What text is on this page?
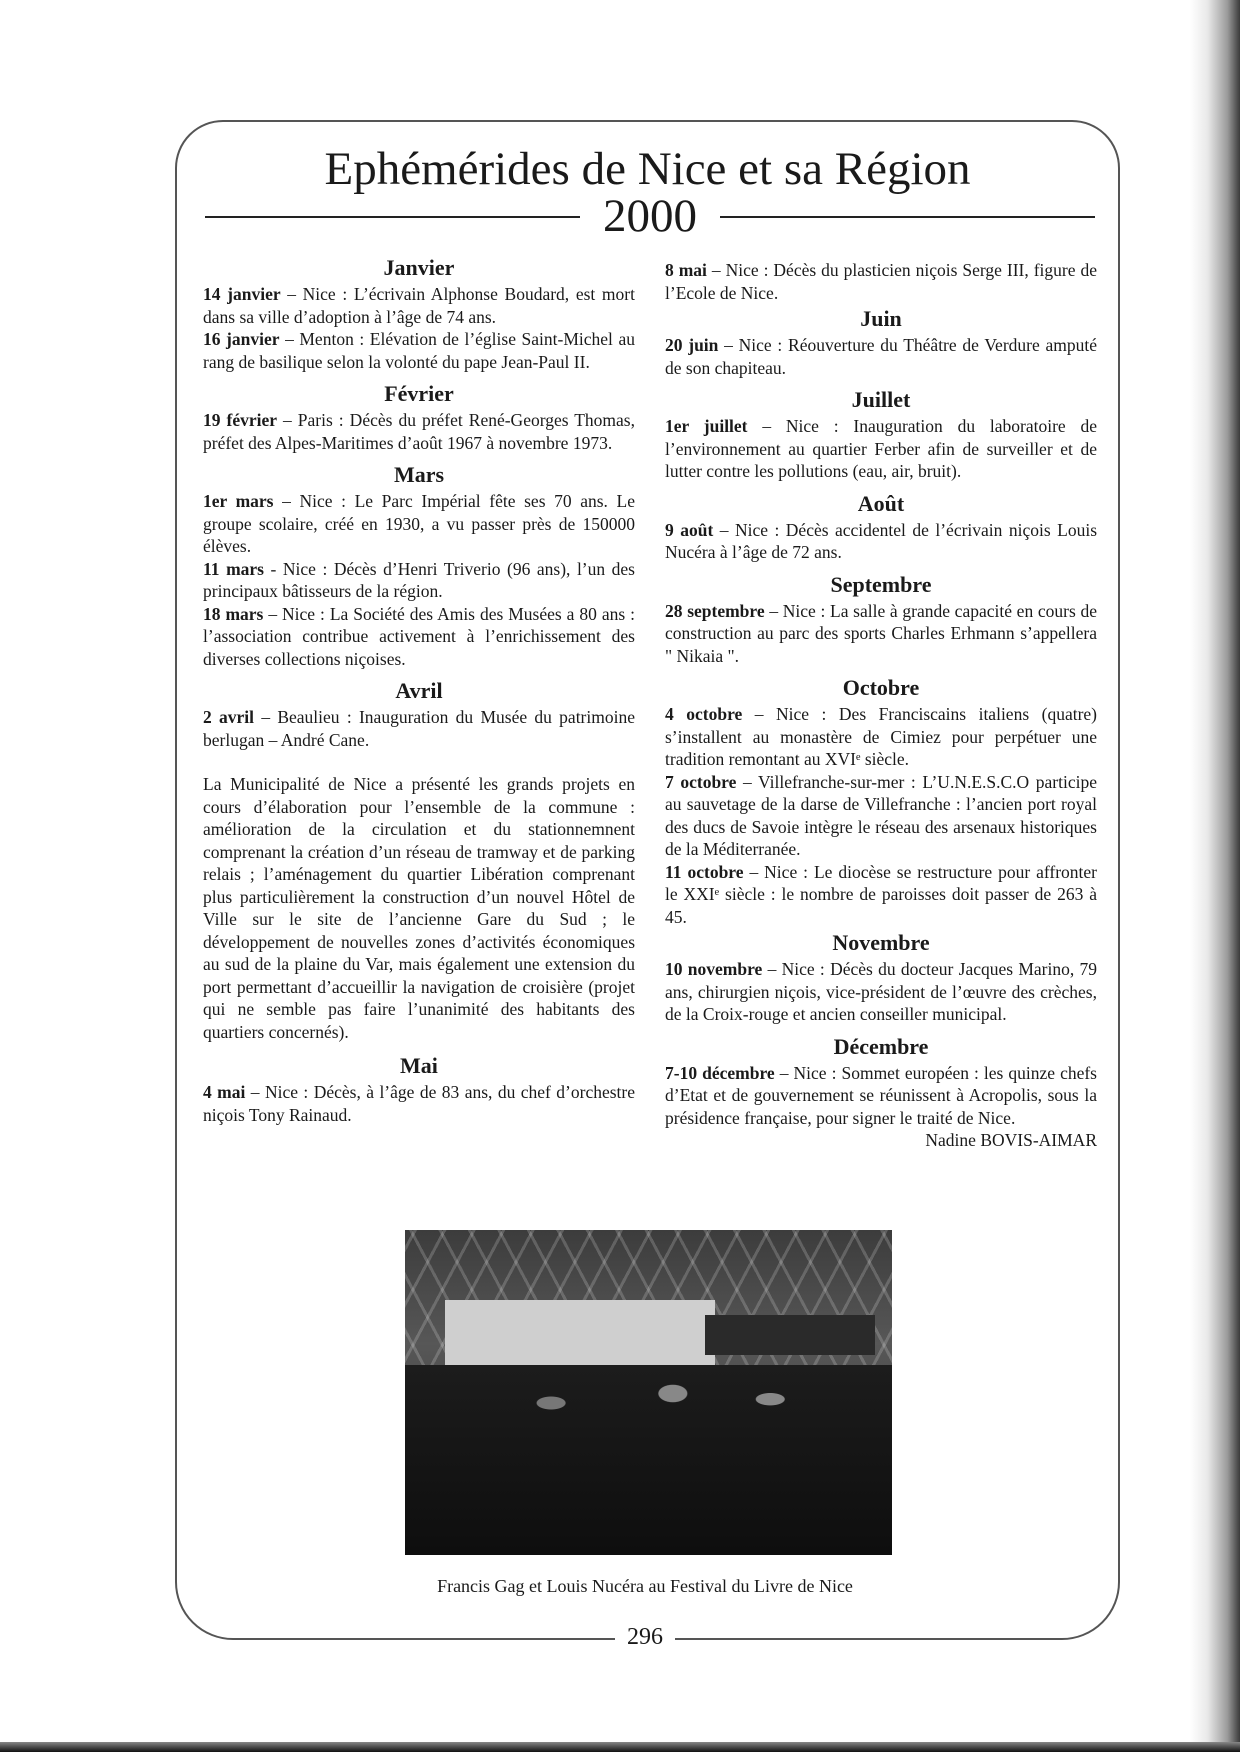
296
Ephémérides de Nice et sa Région
2000
Janvier

14 janvier – Nice : L’écrivain Alphonse Boudard, est mort dans sa ville d’adoption à l’âge de 74 ans.

16 janvier – Menton : Elévation de l’église Saint-Michel au rang de basilique selon la volonté du pape Jean-Paul II.

Février

19 février – Paris : Décès du préfet René-Georges Thomas, préfet des Alpes-Maritimes d’août 1967 à novembre 1973.

Mars

1er mars – Nice : Le Parc Impérial fête ses 70 ans. Le groupe scolaire, créé en 1930, a vu passer près de 150000 élèves.

11 mars - Nice : Décès d’Henri Triverio (96 ans), l’un des principaux bâtisseurs de la région.

18 mars – Nice : La Société des Amis des Musées a 80 ans : l’association contribue activement à l’enrichissement des diverses collections niçoises.

Avril

2 avril – Beaulieu : Inauguration du Musée du patrimoine berlugan – André Cane.

La Municipalité de Nice a présenté les grands projets en cours d’élaboration pour l’ensemble de la commune : amélioration de la circulation et du stationnemnent comprenant la création d’un réseau de tramway et de parking relais ; l’aménagement du quartier Libération comprenant plus particulièrement la construction d’un nouvel Hôtel de Ville sur le site de l’ancienne Gare du Sud ; le développement de nouvelles zones d’activités économiques au sud de la plaine du Var, mais également une extension du port permettant d’accueillir la navigation de croisière (projet qui ne semble pas faire l’unanimité des habitants des quartiers concernés).

Mai

4 mai – Nice : Décès, à l’âge de 83 ans, du chef d’orchestre niçois Tony Rainaud.

8 mai – Nice : Décès du plasticien niçois Serge III, figure de l’Ecole de Nice.

Juin

20 juin – Nice : Réouverture du Théâtre de Verdure amputé de son chapiteau.

Juillet

1er juillet – Nice : Inauguration du laboratoire de l’environnement au quartier Ferber afin de surveiller et de lutter contre les pollutions (eau, air, bruit).

Août

9 août – Nice : Décès accidentel de l’écrivain niçois Louis Nucéra à l’âge de 72 ans.

Septembre

28 septembre – Nice : La salle à grande capacité en cours de construction au parc des sports Charles Erhmann s’appellera " Nikaia ".

Octobre

4 octobre – Nice : Des Franciscains italiens (quatre) s’installent au monastère de Cimiez pour perpétuer une tradition remontant au XVIᵉ siècle.

7 octobre – Villefranche-sur-mer : L’U.N.E.S.C.O participe au sauvetage de la darse de Villefranche : l’ancien port royal des ducs de Savoie intègre le réseau des arsenaux historiques de la Méditerranée.

11 octobre – Nice : Le diocèse se restructure pour affronter le XXIᵉ siècle : le nombre de paroisses doit passer de 263 à 45.

Novembre

10 novembre – Nice : Décès du docteur Jacques Marino, 79 ans, chirurgien niçois, vice-président de l’œuvre des crèches, de la Croix-rouge et ancien conseiller municipal.

Décembre

7-10 décembre – Nice : Sommet européen : les quinze chefs d’Etat et de gouvernement se réunissent à Acropolis, sous la présidence française, pour signer le traité de Nice.

Nadine BOVIS-AIMAR

Francis Gag et Louis Nucéra au Festival du Livre de Nice
